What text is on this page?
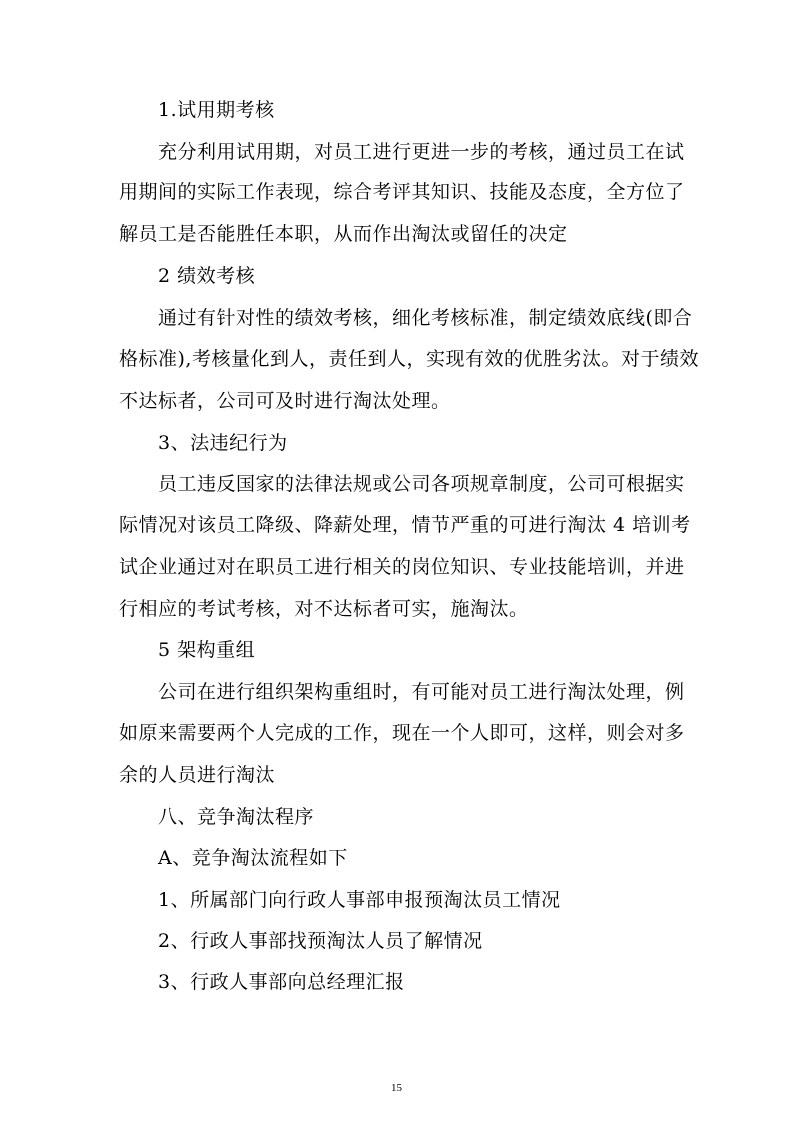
1.试用期考核
充分利用试用期，对员工进行更进一步的考核，通过员工在试
用期间的实际工作表现，综合考评其知识、技能及态度，全方位了
解员工是否能胜任本职，从而作出淘汰或留任的决定
2 绩效考核
通过有针对性的绩效考核，细化考核标准，制定绩效底线(即合
格标准),考核量化到人，责任到人，实现有效的优胜劣汰。对于绩效
不达标者，公司可及时进行淘汰处理。
3、法违纪行为
员工违反国家的法律法规或公司各项规章制度，公司可根据实
际情况对该员工降级、降薪处理，情节严重的可进行淘汰 4 培训考
试企业通过对在职员工进行相关的岗位知识、专业技能培训，并进
行相应的考试考核，对不达标者可实，施淘汰。
5 架构重组
公司在进行组织架构重组时，有可能对员工进行淘汰处理，例
如原来需要两个人完成的工作，现在一个人即可，这样，则会对多
余的人员进行淘汰
八、竞争淘汰程序
A、竞争淘汰流程如下
1、所属部门向行政人事部申报预淘汰员工情况
2、行政人事部找预淘汰人员了解情况
3、行政人事部向总经理汇报
15
